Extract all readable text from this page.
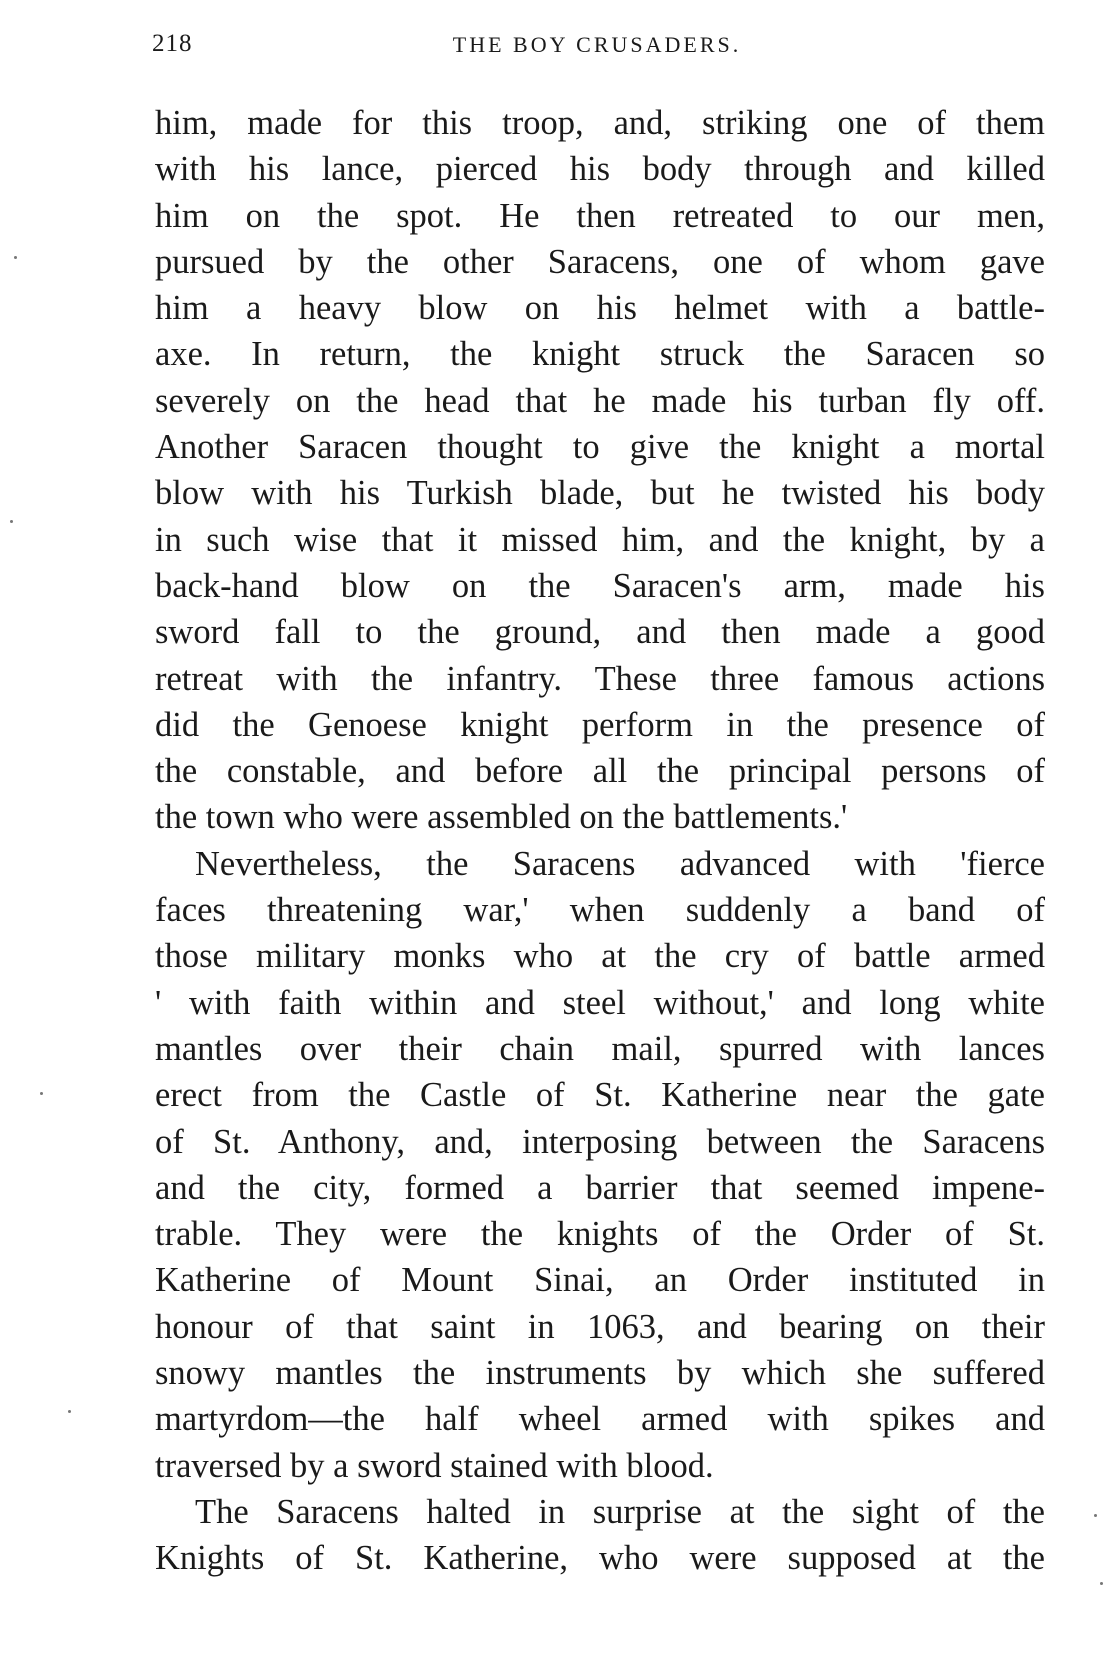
218	THE BOY CRUSADERS.
him, made for this troop, and, striking one of them
with his lance, pierced his body through and killed
him on the spot. He then retreated to our men,
pursued by the other Saracens, one of whom gave
him a heavy blow on his helmet with a battle-
axe. In return, the knight struck the Saracen so
severely on the head that he made his turban fly off.
Another Saracen thought to give the knight a mortal
blow with his Turkish blade, but he twisted his body
in such wise that it missed him, and the knight, by a
back-hand blow on the Saracen's arm, made his
sword fall to the ground, and then made a good
retreat with the infantry. These three famous actions
did the Genoese knight perform in the presence of
the constable, and before all the principal persons of
the town who were assembled on the battlements.'
Nevertheless, the Saracens advanced with 'fierce
faces threatening war,' when suddenly a band of
those military monks who at the cry of battle armed
' with faith within and steel without,' and long white
mantles over their chain mail, spurred with lances
erect from the Castle of St. Katherine near the gate
of St. Anthony, and, interposing between the Saracens
and the city, formed a barrier that seemed impene-
trable. They were the knights of the Order of St.
Katherine of Mount Sinai, an Order instituted in
honour of that saint in 1063, and bearing on their
snowy mantles the instruments by which she suffered
martyrdom—the half wheel armed with spikes and
traversed by a sword stained with blood.
The Saracens halted in surprise at the sight of the
Knights of St. Katherine, who were supposed at the
